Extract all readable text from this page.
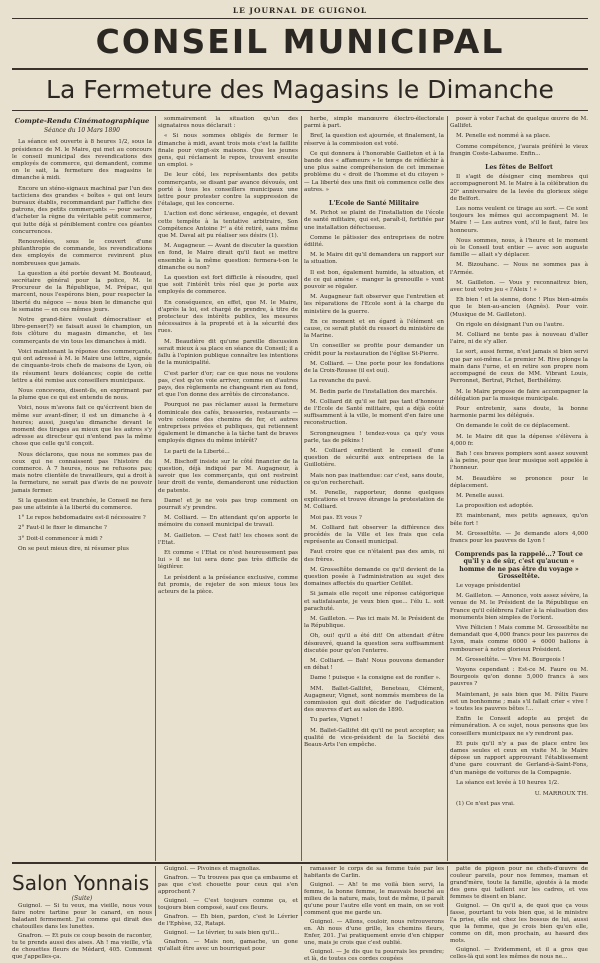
LE JOURNAL DE GUIGNOL
CONSEIL MUNICIPAL
La Fermeture des Magasins le Dimanche

Compte-Rendu Cinématographique

Séance du 10 Mars 1890

La séance est ouverte à 8 heures 1/2, sous la présidence de M. le Maire, qui met au concours le conseil municipal des revendications des employés de commerce, qui demandent, comme on le sait, la fermeture des magasins le dimanche à midi.

Encore un sténo-signaux machinal par l'un des tacticiens des grandes « boîtes » qui ont leurs bureaux établis, recommandant par l'affiche des patrons, des petits commerçants — pour sacher d'acheter la règne du véritable petit commerce, qui lutte déjà si péniblement contre ces géantes concurrences.

Renouvelées, sous le couvert d'une philanthropie de commande, les revendications des employés de commerce revinrent plus nombreuses que jamais.

La question a été portée devant M. Bouteaud, secrétaire général pour la police, M. le Procureur de la République, M. Prépac, qui marcent, nous l'espérons bien, pour respecter la liberté du négoce — nous bien le dimanche qui le semaine — en ces mêmes jours.

Notre grand-fière voulait démocratiser et libre-penser(?) se faisait aussi le champion, un fois clôture du magasin dimanche, et les commerçants de vin tous les dimanches à midi.

Voici maintenant la réponse des commerçants, qui ont adressé à M. le Maire une lettre, signée de cinquante-trois chefs de maisons de Lyon, où ils résument leurs doléances; copie de cette lettre a été remise aux conseillers municipaux.

Nous concevons, disent-ils, en exprimant par la plume que ce qui est entendu de nous.

Voici, nous m'avons fait ce qu'écrivent bien de même sur avant-dîner, il est un dimanche à 4 heures; aussi, jusqu'au dimanche devant le moment des tirages au mieux que les autres s'y adresse au directeur qui n'entend pas la même chose que celle qu'il conçoit.

Nous déclarons, que nous ne sommes pas de ceux qui ne connaissent pas l'histoire du commerce. À 7 heures, nous ne refusons pas; mais notre clientèle de travailleurs, qui a droit à la fermeture, ne serait pas d'avis de ne pouvoir jamais fermer.

Si la question est tranchée, le Conseil ne fera pas une atteinte à la liberté du commerce.

1° Le repos hebdomadaire est-il nécessaire ?

2° Faut-il le fixer le dimanche ?

3° Doit-il commencer à midi ?

On se peut mieux dire, ni résumer plus

sommairement la situation qu'un des signataires nous déclarait :

« Si nous sommes obligés de fermer le dimanche à midi, avant trois mois c'est la faillite finale pour vingt-six maisons. Que les jeunes gens, qui réclament le repos, trouvent ensuite un emploi. »

De leur côté, les représentants des petits commerçants, se disant par avance dévoués, ont porté à tous les conseillers municipaux une lettre pour protester contre la suppression de l'étalage, qui les concerne.

L'action est donc sérieuse, engagée, et devant cette tempête à la tentative arbitraire, Son Compétence Antoine Iᵉʳ a été retiré, sans même que M. Daval ait pu réaliser ses désirs (1).

M. Augagneur. — Avant de discuter la question en fond, le Maire dirait qu'il faut se mettre ensemble à la même question: fermera-t-on le dimanche ou non?

La question est fort difficile à résoudre, quel que soit l'intérêt très réel que je porte aux employés de commerce.

En conséquence, en effet, que M. le Maire, d'après la loi, est chargé de prendre, à titre de protecteur des intérêts publics, les mesures nécessaires à la propreté et à la sécurité des rues.

M. Beaudière dit qu'une pareille discussion serait mieux à sa place en séance du Conseil; il a fallu à l'opinion publique connaître les intentions de la municipalité.

C'est parler d'or; car ce que nous ne voulons pas, c'est qu'on voie arriver, comme en d'autres pays, des règlements ne changeant rien au fond, et que l'on donne des arrêtés de circonstance.

Pourquoi ne pas réclamer aussi la fermeture dominicale des cafés, brasseries, restaurants — votre colonne des chemins de fer, et autres entreprises privées et publiques, qui retiennent également le dimanche à la tâche tant de braves employés dignes du même intérêt?

Le parti de la Liberté...

M. Bischoff insiste sur le côté financier de la question, déjà indiqué par M. Augagneur, à savoir que les commerçants, qui ont restreint leur droit de vente, demanderont une réduction de patente.

Dame! et je ne vois pas trop comment on pourrait s'y prendre.

M. Colliard. — En attendant qu'on apporte le mémoire du conseil municipal de travail.

M. Gailleton. — C'est fait! les choses sont de l'Etat.

Et comme « l'Etat ce n'est heureusement pas lui » il ne lui sera donc pas très difficile de légiférer.

Le président a la préséance exclusive, comme fut promis, de rejeter de son mieux tous les acteurs de la pièce.

herbe, simple manœuvre électro-électorale parmi à part.

Bref, la question est ajournée, et finalement, la réserve à la commission est voté.

Ce qui donnera à l'honorable Gailleton et à la bande des « affameurs » le temps de réfléchir à une plus saine compréhension de cet immense problème du « droit de l'homme et du citoyen » — La liberté des uns finit où commence celle des autres. »

L'Ecole de Santé Militaire

M. Pichot se plaint de l'installation de l'école de santé militaire, qui est, paraît-il, fortifiée par une installation défectueuse.

Comme le pâtissier des entreprises de notre édilité.

M. le Maire dit qu'il demandera un rapport sur la situation.

Il est bon, également humide, la situation, et de ce qui amène « manger la grenouille » vont pouvoir se régaler.

M. Augagneur fait observer que l'entretien et les réparations de l'Ecole sont à la charge du ministère de la guerre.

En ce moment et en égard à l'élément en cause, ce serait plutôt du ressort du ministère de la Marine.

Un conseiller se profite pour demander un crédit pour la restauration de l'église St-Pierre.

M. Colliard. — Une porte pour les fondations de la Croix-Rousse (il est oui).

La revanche du pavé.

M. Bedin parle de l'installation des marchés.

M. Colliard dit qu'il se fait pas tant d'honneur de l'Ecole de Santé militaire, qui a déjà coûté suffisamment à la ville, le moment d'en faire une reconstruction.

Scrongneugneu ! tendez-vous ça qu'y vous parle, tas de pékins !

M. Colliard entretient le conseil d'une question de sécurité aux entreprises de la Guillotière.

Mais non pas inattendue: car c'est, sans doute, ce qu'on recherchait.

M. Penelle, rapporteur, donne quelques explications et trouve étrange la protestation de M. Colliard.

Moi pas. Et vous ?

M. Colliard fait observer la différence des procédés de la Ville et les frais que cela représente au Conseil municipal.

Faut croire que ce n'étaient pas des amis, ni des frères.

M. Grosseltête demande ce qu'il devient de la question posée à l'administration au sujet des domaines affectés du quartier Ceüllet.

Si jamais elle reçoit une réponse catégorique et satisfaisante, je veux bien que... l'élu L. soit parachuté.

M. Gailleton. — Pas ici mais M. le Président de la République.

Oh, oui! qu'il a été dit! On attendait d'être désœuvré, quand la question sera suffisamment discutée pour qu'on l'enterre.

M. Colliard. — Bah! Nous pouvons demander en débat !

Dame ! puisque « la consigne est de ronfler ».

MM. Ballet-Gallifet, Beneteau, Clément, Augagneur, Vignet, sont nommés membres de la commission qui doit décider de l'adjudication des œuvres d'art au salon de 1890.

Tu parles, Vignet !

M. Ballet-Gallifet dit qu'il ne peut accepter, sa qualité de vice-président de la Société des Beaux-Arts l'en empêche.

poser à voter l'achat de quelque œuvre de M. Gallifet.

M. Penelle est nommé à sa place.

Comme compétence, j'aurais préféré le vieux frangin Coste-Labaume. Enfin...

Les fêtes de Belfort

Il s'agit de désigner cinq membres qui accompagneront M. le Maire à la célébration du 20ᵉ anniversaire de la levée du glorieux siège de Belfort.

Les noms veulent ce tirage au sort. — Ce sont toujours les mêmes qui accompagnent M. le Maire ! — Les autres vont, s'il le faut, faire les honneurs.

Nous sommes, nous, à l'heure et le moment où le Conseil tout entier — avec son auguste famille — allait s'y déplacer.

M. Bizouhanc. — Nous ne sommes pas à l'Armée.

M. Gailleton. — Vous y reconnaitrez bien, avec tout votre jeu « l'Aleix ! »

Eh bien ! et la sienne, donc ! Plus bien-aimés que le bien-au-ancien (Agnès). Pour voir. (Musique de M. Gailleton).

On rigole en désignant l'un ou l'autre.

M. Colliard ne tente pas à nouveau d'aller l'aire, ni de s'y aller.

Le sort, aussi ferme, n'est jamais si bien servi que par soi-même. Le premier M. Rive plonge la main dans l'urne, et en retire son propre nom accompagné de ceux de MM. Vibrant Louis, Perronnet, Bertrat, Pichet, Berthélémy.

M. le Maire propose de faire accompagner la délégation par la musique municipale.

Pour entretenir, sans doute, la bonne harmonie parmi les délégués.

On demande le coût de ce déplacement.

M. le Maire dit que la dépense s'élèvera à 4,000 fr.

Bah ! ces braves pompiers sont assez souvent à la peine, pour que leur musique soit appelée à l'honneur.

M. Beaudière se prononce pour le déplacement.

M. Penelle aussi.

La proposition est adoptée.

Et maintenant, mes petits agneaux, qu'on bêle fort !

M. Grosseltête. — Je demande alors 4,000 francs pour les pauvres de Lyon !

Comprends pas la rappelé...? Tout ce qu'il y a de sûr, c'est qu'aucun « homme de ne pas être du voyage » Grosseltête.

Le voyage présidentiel

M. Gailleton. — Annonce, voix assez sévère, la venue de M. le Président de la République en France qu'il célébrera l'aller à la réalisation des monuments bien simples de l'orient.

Vive Félicien ! Mais comme M. Grosseltête ne demandait que 4,000 francs pour les pauvres de Lyon, mais comme 6000 + 6000 ballons à rembourser à notre glorieux Président.

M. Grosseltête. — Vive M. Bourgeois !

Voyons cependant : Est-ce M. Faure ou M. Bourgeois qu'on donne 5,000 francs à ses pauvres ?

Maintenant, je sais bien que M. Félix Faure est un bonhomme ; mais s'il fallait crier « vive ! » toutes les pauvres bêtes !...

Enfin le Conseil adopte au projet de rémunération. A ce sujet, nous pensons que les conseillers municipaux ne s'y rendront pas.

Et puis qu'il n'y a pas de place entre les dames seules et ceux en visite M. le Maire dépose un rapport approuvant l'établissement d'une gare couvrant de Gerland-à-Saint-Fons, d'un manège de voitures de la Compagnie.

La séance est levée à 10 heures 1/2.

U. MARROUX TH.

(1) Ce n'est pas vrai.

Salon Yonnais
(Suite)

Guignol. — Si tu veux, ma vieille, nous vous faire notre tartine pour le canard, en nous baladant fermement. J'ai comme qui dirait des chatouilles dans les lunettes.

Gnafron. — Et puis ce coup besoin de raconter, tu te prends aussi des aises. Ah ! ma vieille, v'là de chouettes fleurs de Médard, 405. Comment que j'appelles-ça.

Guignol. — Pivoines et magnolias.

Gnafron. — Tu trouves pas que ça embaume et pas que c'est chouette pour ceux qui s'en approchent ?

Guignol. — C'est toujours comme ça, et toujours bien composé, sauf ces fleurs.

Gnafron. — Eh bien, pardon, c'est le Lévrier de l'Ephèse, 32, Ratapi.

Guignol. — Le lévrier, tu sais bien qu'il...

Gnafron. — Mais non, gamache, un gone qu'allait être avec un bourriquet pour

ramasser le corps de sa femme tuée par les habitants de Carlin.

Guignol. — Ah! te me voilà bien servi, la femme, la bonne femme, le mauvais bouché au milieu de la nature, mais, tout de même, il paraît qu'une pour l'autre elle vont en main, on se voit comment que me garde un.

Guignol. — Allons, couloir, nous retrouverons en. Ah nous d'une grille, les chemins fleurs, Enfer, 201. J'ai pratiquement envie d'en chipper une, mais je crois que c'est oublié.

Guignol. — Je dis que tu pourrais les prendre; et là, de toutes ces cordes coupées

patte de pigeon pour ne chefs-d'œuvre de couleur pareils, pour nos femmes, maman et grand'mère, toute la famille, ajoutés à la mode des gens qui taillent sur les cadres, et vos femmes te disent en blanc.

Guignol. — On qu'il a, de quoi que ça vous fasse, pourtant tu vois bien que, si le ministre l'a prise, elle est chez les bossus de lui, aussi que la femme, que je crois bien qu'en elle, comme on dit, mon prochain, au hasard des mots.

Guignol. — Evidemment, et il a gros que celles-là qui sont les mêmes de nous ne...
